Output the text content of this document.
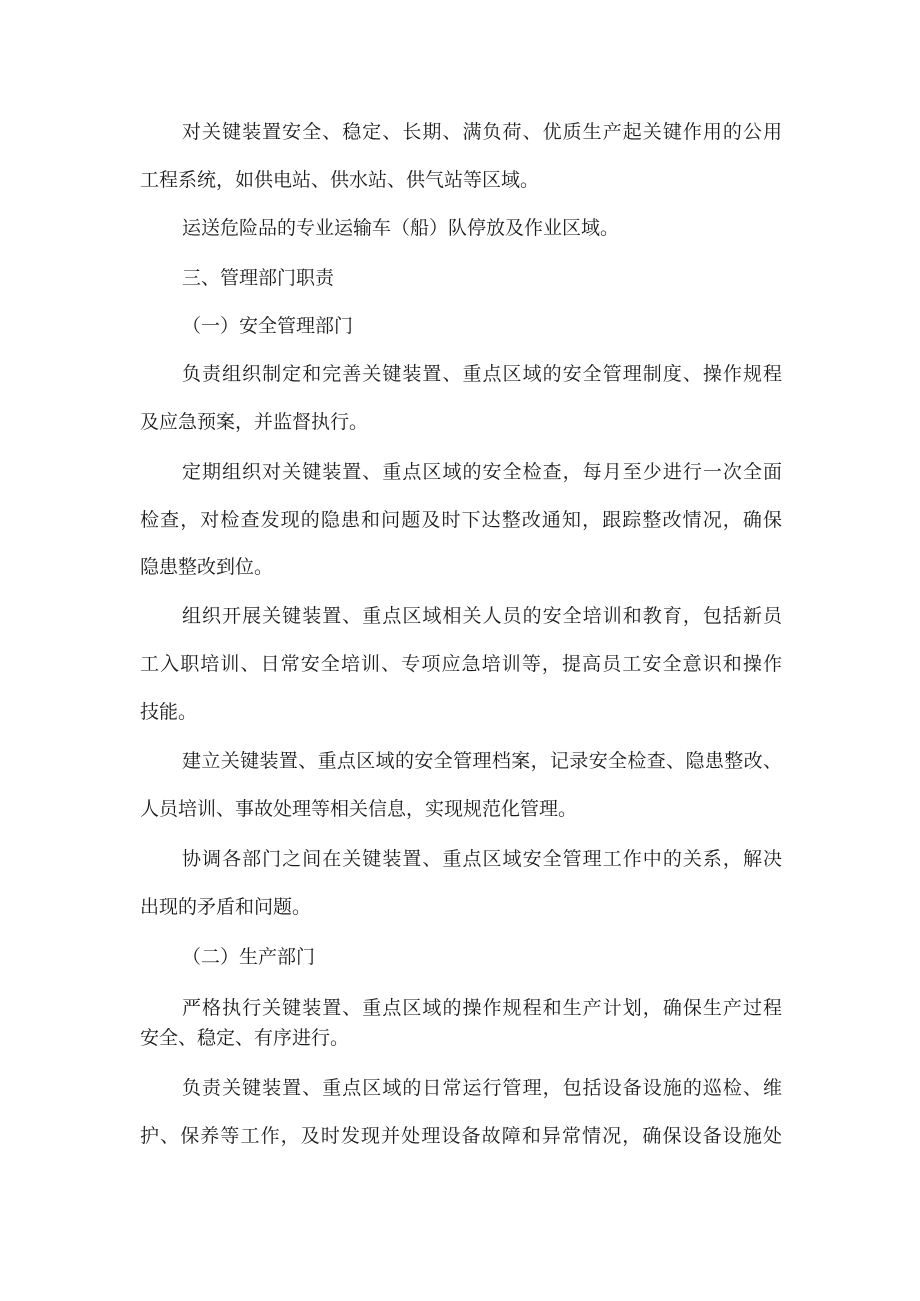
对关键装置安全、稳定、长期、满负荷、优质生产起关键作用的公用
工程系统，如供电站、供水站、供气站等区域。
运送危险品的专业运输车（船）队停放及作业区域。
三、管理部门职责
（一）安全管理部门
负责组织制定和完善关键装置、重点区域的安全管理制度、操作规程
及应急预案，并监督执行。
定期组织对关键装置、重点区域的安全检查，每月至少进行一次全面
检查，对检查发现的隐患和问题及时下达整改通知，跟踪整改情况，确保
隐患整改到位。
组织开展关键装置、重点区域相关人员的安全培训和教育，包括新员
工入职培训、日常安全培训、专项应急培训等，提高员工安全意识和操作
技能。
建立关键装置、重点区域的安全管理档案，记录安全检查、隐患整改、
人员培训、事故处理等相关信息，实现规范化管理。
协调各部门之间在关键装置、重点区域安全管理工作中的关系，解决
出现的矛盾和问题。
（二）生产部门
严格执行关键装置、重点区域的操作规程和生产计划，确保生产过程
安全、稳定、有序进行。
负责关键装置、重点区域的日常运行管理，包括设备设施的巡检、维
护、保养等工作，及时发现并处理设备故障和异常情况，确保设备设施处
